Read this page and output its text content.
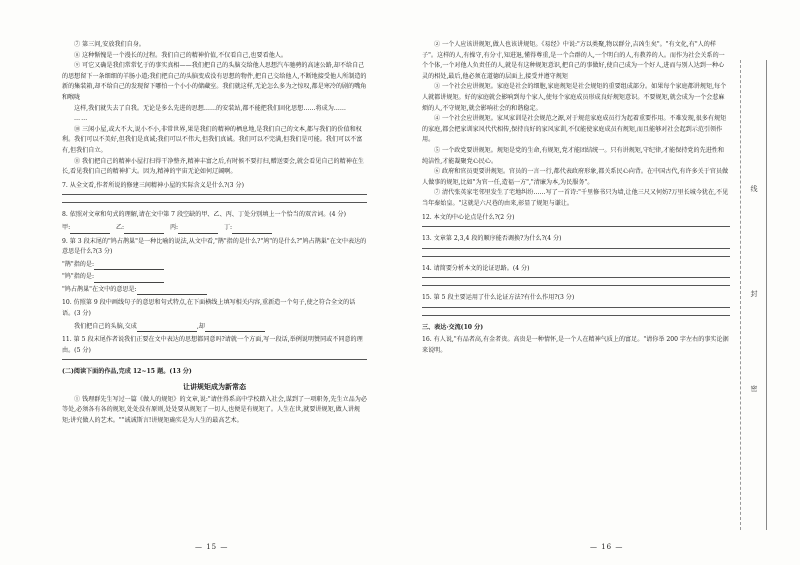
⑦ 第三问,安放我们自身。

⑧ 这种惭愧是一个漫长的过程。我们自己的精神价值,不仅看自己,也要看他人。

⑨ 可它又确是我们常常忆于的事实真相——我们把自己的头脑交给他人思想汽车驰骋的高速公路,却不给自己的思想留下一条细细的羊肠小道;我们把自己的头脑变成没有思想的物件,把自己交给他人,不断地接受他人所制造的新的集装箱,却不给自己的发现留下哪怕一个小小的储藏室。我们就这样,无论怎么多为之惊叹,都是寒冷的剧的嘴角和喉咙

这样,我们就失去了自我。无论是多么先进的思想……的安装站,都不能把我们固化思想……将成为……

……

⑩ 三闲小屋,或大不大,说小不小,非常世界,果是我们的精神的栖息地,是我们自己的文本,都与我们的价值和权利。我们可以不美好,但我们是真诚;我们可以不伟大,但我们真诚。我们可以不完满,但我们是可能。我们可以不富有,但我们自立。

⑪ 我们把自己的精神小屋打扫得干净整齐,精神丰富之后,有时候不要打扫,赠送要会,就会看见自己的精神在生长,看见我们自己的精神扩大。因为,精神的宇宙无论如何辽阔啊。

7. 从全文看,作者所说的修建三间精神小屋的实际含义是什么?(3 分)

8. 依照对文章和句式的理解,请在文中第 7 段空缺的甲、乙、丙、丁处分别填上一个恰当的双音词。(4 分)

甲:	乙:	丙:	丁:

9. 第 3 段末尾的"鸠占鹊巢"是一种比喻的说法,从文中看,"鹊"指的是什么?"鸠"的是什么?"鸠占鹊巢"在文中表达的意思是什么?(3 分)

"鹊"指的是:
"鸠"指的是:
"鸠占鹊巢"在文中的意思是:

10. 仿照第 9 段中画线句子的意思和句式特点,在下面横线上填写相关内容,重新造一个句子,使之符合全文的话语。(3 分)

我们把自己的头脑,交成	,却

11. 第 5 段末尾作者说我们正要在文中表达的思想都同意吗?请就一个方面,写一段话,举例说明赞同或不同意的理由。(5 分)

(二)阅读下面的作品,完成 12~15 题。(13 分)

让讲规矩成为新常态

① 钱理群先生写过一篇《做人的规矩》的文章,说:"请住得系高中学校踏入社会,谋到了一项职务,先生立品为必等处,必须各有各的规矩,处处没有原则,处处要从规矩了一切人,也便是有规矩了。人生在世,就要讲规矩,做人讲规矩;讲究做人的艺术。""诚诚斯言!讲规矩确实是为人生的最高艺术。

— 15 —

② 一个人应该讲规矩,做人也该讲规矩。《易经》中说:"方以类聚,物以群分,吉凶生矣"。"有文化,有"人的样子"。这样的人,有操守,有分寸,知进退,懂得尊重,是一个合群的人,一个明白的人,有教养的人。而作为社会关系的一个个体,一个对他人负责任的人,就是有这种规矩意识,把自己的事做好,使自己成为一个好人,进而与别人达到一种心灵的相处,最后,他必须在道德的层面上,接受并遵守规矩

③ 一个社会应讲规矩。家庭是社会的细胞,家庭规矩是社会规矩的重要组成部分。如果每个家庭都讲规矩,每个人就都讲规矩。好的家庭就会影响到每个家人,使每个家庭成员形成良好规矩意识。不要规矩,就会成为一个会惹麻烦的人,不守规矩,就会影响社会的和谐稳定。

④ 一个社会应讲规矩。家风家训是社会规范之源,对于规范家庭成员行为起着重要作用。不难发现,很多有规矩的家庭,都会把家训家风代代相传,保持良好的家风家训,不仅能使家庭成员有规矩,而且能够对社会起到示范引领作用。

⑤ 一个政党要讲规矩。规矩是党的生命,有规矩,党才能团结统一。只有讲规矩,守纪律,才能保持党的先进性和纯洁性,才能凝聚党心民心。

⑥ 政府和官员更要讲规矩。官员的一言一行,都代表政府形象,都关系民心向背。在中国古代,有许多关于官员做人做事的规矩,比如"为官一任,造福一方","清廉为本,为民服务"。

⑦ 清代张英家宅邻里发生了宅地纠纷……写了一首诗:"千里修书只为墙,让他三尺又何妨?万里长城今犹在,不见当年秦始皇。"这就是六尺巷的由来,彰显了规矩与谦让。

12. 本文的中心论点是什么?(2 分)

13. 文章第 2,3,4 段的顺序能否调换?为什么?(4 分)

14. 请简要分析本文的论证思路。(4 分)

15. 第 5 段主要运用了什么论证方法?有什么作用?(3 分)

三、表达·交流(10 分)

16. 有人说,"有品者高,有金者贵。高贵是一种情怀,是一个人在精神气质上的富足。"请你举 200 字左右的事实论据来说明。

— 16 —
线
封
密
